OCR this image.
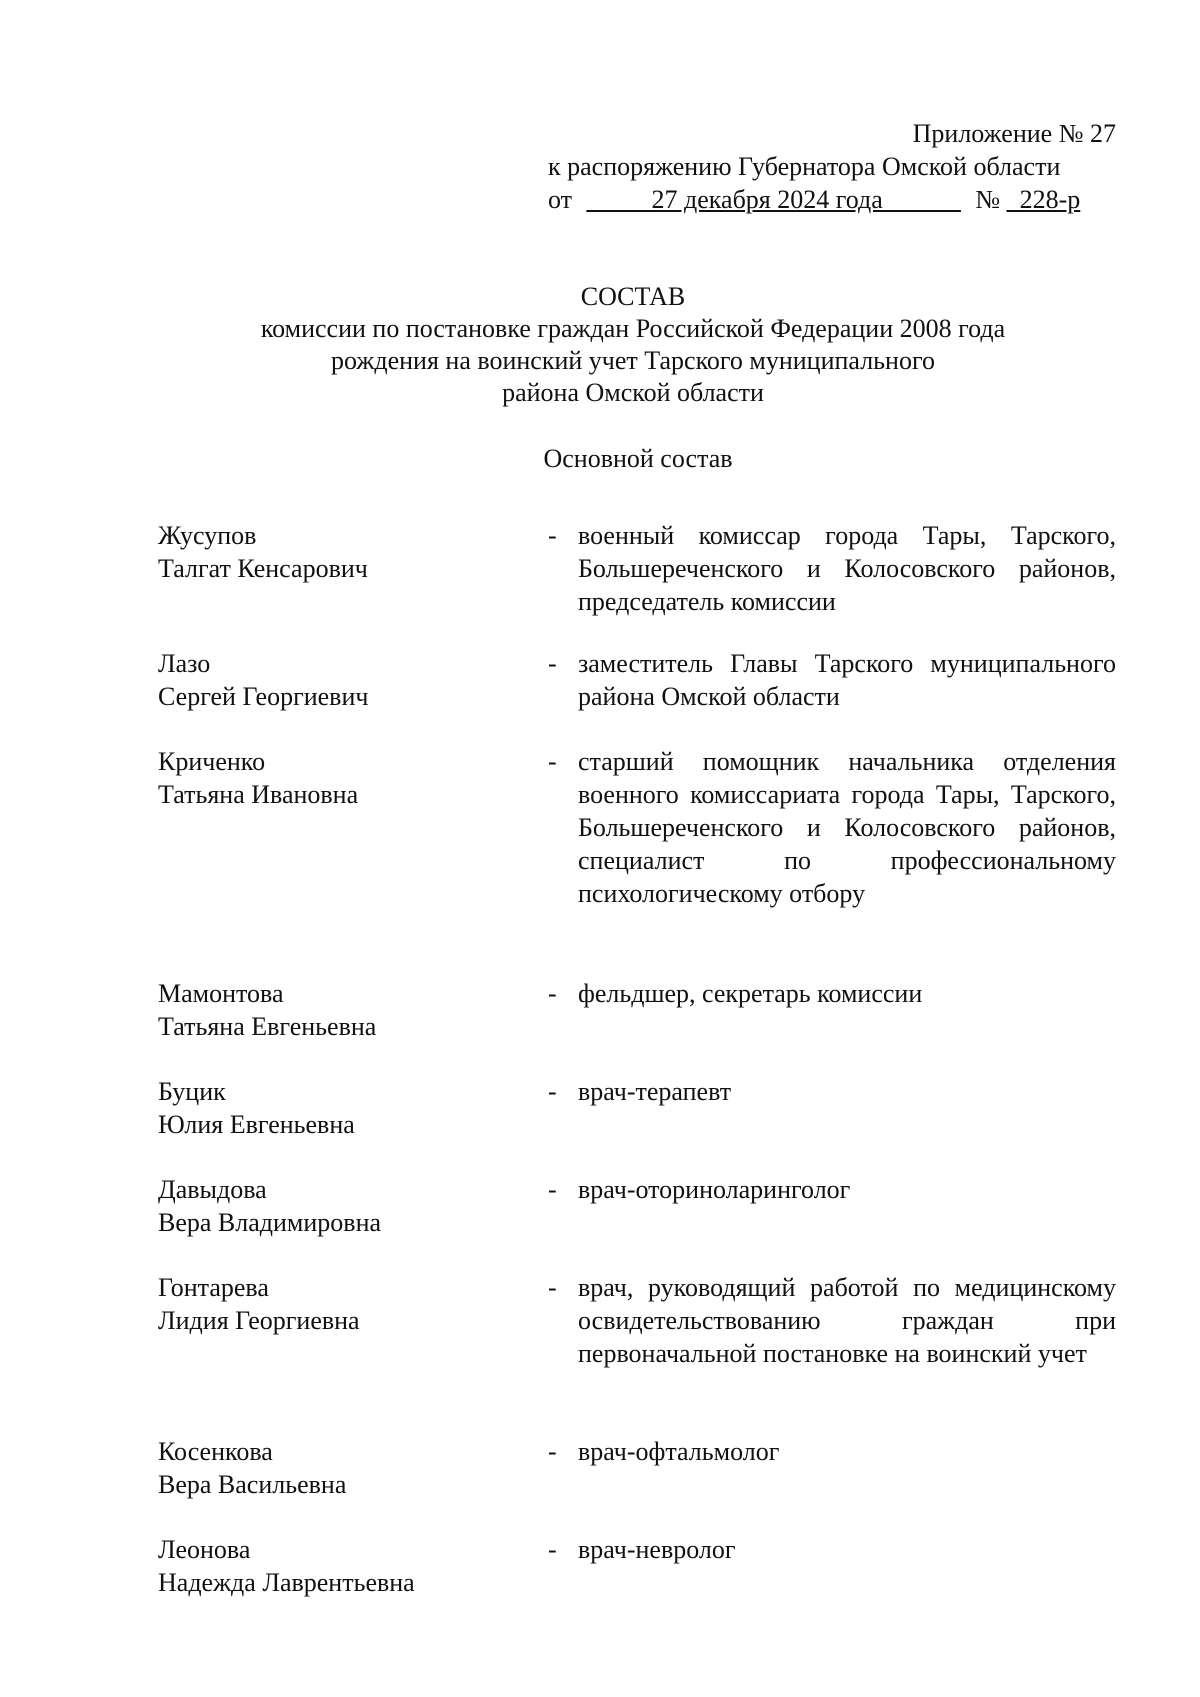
Приложение № 27
к распоряжению Губернатора Омской области
от _____27 декабря 2024 года______ № _228-р
СОСТАВ
комиссии по постановке граждан Российской Федерации 2008 года
рождения на воинский учет Тарского муниципального
района Омской области
Основной состав
Жусупов
Талгат Кенсарович
- военный комиссар города Тары, Тарского, Большереченского и Колосовского районов, председатель комиссии
Лазо
Сергей Георгиевич
- заместитель Главы Тарского муниципального района Омской области
Криченко
Татьяна Ивановна
- старший помощник начальника отделения военного комиссариата города Тары, Тарского, Большереченского и Колосовского районов, специалист по профессиональному психологическому отбору
Мамонтова
Татьяна Евгеньевна
- фельдшер, секретарь комиссии
Буцик
Юлия Евгеньевна
- врач-терапевт
Давыдова
Вера Владимировна
- врач-оториноларинголог
Гонтарева
Лидия Георгиевна
- врач, руководящий работой по медицинскому освидетельствованию граждан при первоначальной постановке на воинский учет
Косенкова
Вера Васильевна
- врач-офтальмолог
Леонова
Надежда Лаврентьевна
- врач-невролог
